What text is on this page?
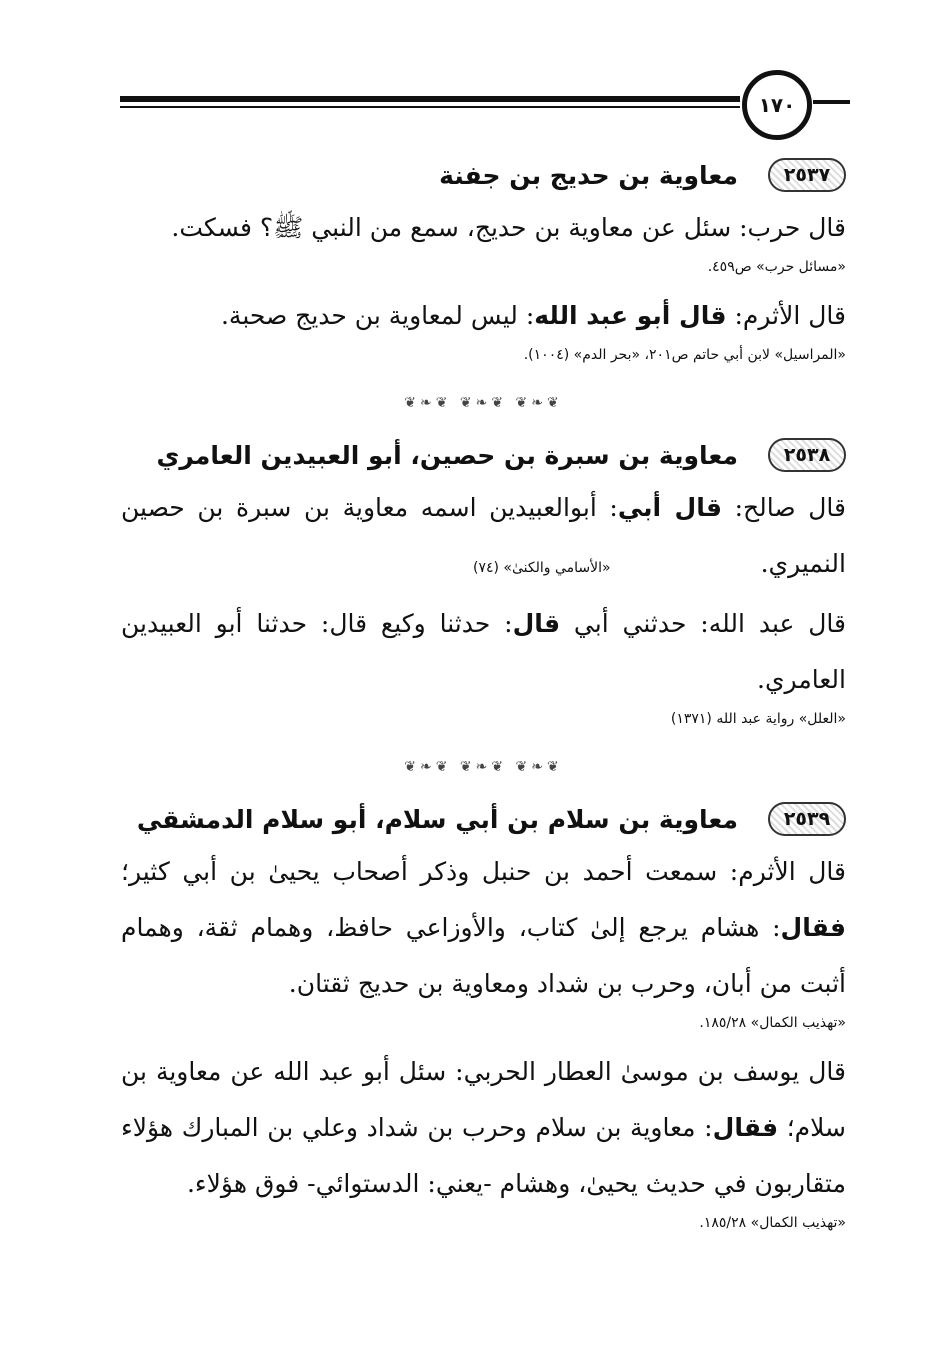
١٧٠
٢٥٣٧
معاوية بن حديج بن جفنة

قال حرب: سئل عن معاوية بن حديج، سمع من النبي ﷺ؟ فسكت.

«مسائل حرب» ص٤٥٩.

قال الأثرم: قال أبو عبد الله: ليس لمعاوية بن حديج صحبة.

«المراسيل» لابن أبي حاتم ص٢٠١، «بحر الدم» (١٠٠٤).
❦❧❦ ❦❧❦ ❦❧❦
٢٥٣٨
معاوية بن سبرة بن حصين، أبو العبيدين العامري

قال صالح: قال أبي: أبوالعبيدين اسمه معاوية بن سبرة بن حصين النميري.«الأسامي والكنىٰ» (٧٤)

قال عبد الله: حدثني أبي قال: حدثنا وكيع قال: حدثنا أبو العبيدين العامري.

«العلل» رواية عبد الله (١٣٧١)
❦❧❦ ❦❧❦ ❦❧❦
٢٥٣٩
معاوية بن سلام بن أبي سلام، أبو سلام الدمشقي

قال الأثرم: سمعت أحمد بن حنبل وذكر أصحاب يحيىٰ بن أبي كثير؛ فقال: هشام يرجع إلىٰ كتاب، والأوزاعي حافظ، وهمام ثقة، وهمام أثبت من أبان، وحرب بن شداد ومعاوية بن حديج ثقتان.

«تهذيب الكمال» ١٨٥/٢٨.

قال يوسف بن موسىٰ العطار الحربي: سئل أبو عبد الله عن معاوية بن سلام؛ فقال: معاوية بن سلام وحرب بن شداد وعلي بن المبارك هؤلاء متقاربون في حديث يحيىٰ، وهشام -يعني: الدستوائي- فوق هؤلاء.

«تهذيب الكمال» ١٨٥/٢٨.
